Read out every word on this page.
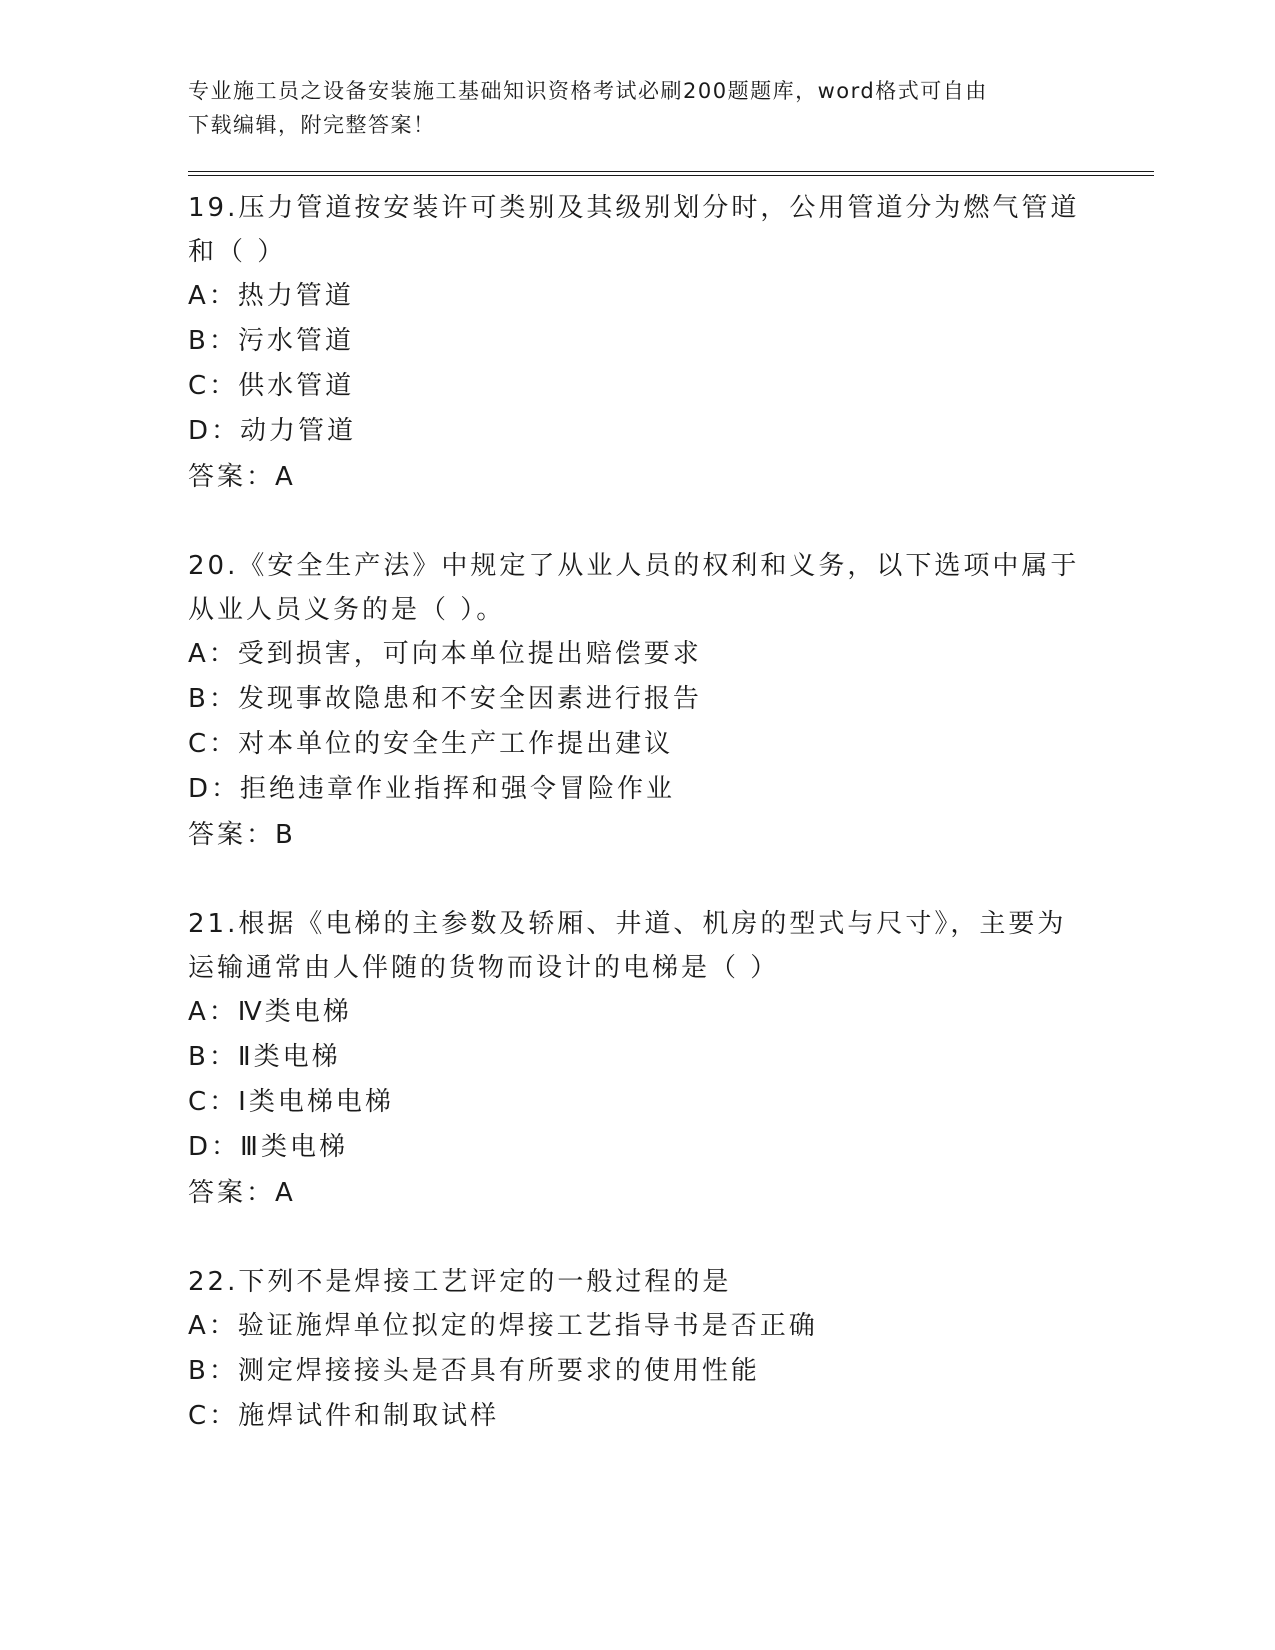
专业施工员之设备安装施工基础知识资格考试必刷200题题库，word格式可自由
下载编辑，附完整答案！

19.压力管道按安装许可类别及其级别划分时，公用管道分为燃气管道
和（ ）

A：热力管道

B：污水管道

C：供水管道

D：动力管道

答案：A

20.《安全生产法》中规定了从业人员的权利和义务，以下选项中属于
从业人员义务的是（ ）。

A：受到损害，可向本单位提出赔偿要求

B：发现事故隐患和不安全因素进行报告

C：对本单位的安全生产工作提出建议

D：拒绝违章作业指挥和强令冒险作业

答案：B

21.根据《电梯的主参数及轿厢、井道、机房的型式与尺寸》，主要为
运输通常由人伴随的货物而设计的电梯是（ ）

A：Ⅳ类电梯

B：Ⅱ类电梯

C：Ⅰ类电梯电梯

D：Ⅲ类电梯

答案：A

22.下列不是焊接工艺评定的一般过程的是

A：验证施焊单位拟定的焊接工艺指导书是否正确

B：测定焊接接头是否具有所要求的使用性能

C：施焊试件和制取试样
